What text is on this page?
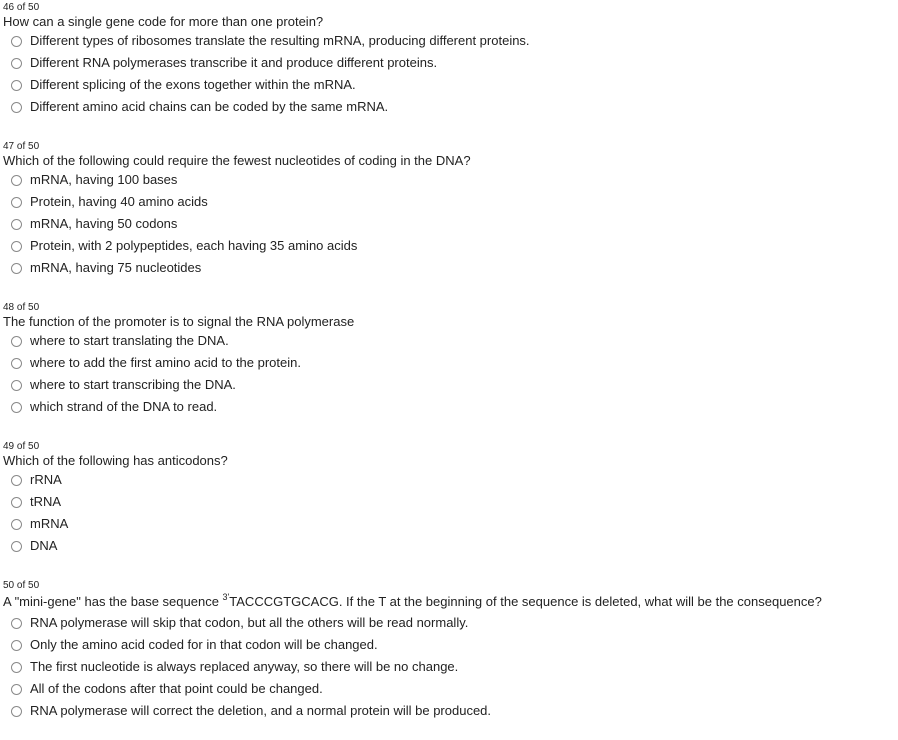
46 of 50
How can a single gene code for more than one protein?
Different types of ribosomes translate the resulting mRNA, producing different proteins.
Different RNA polymerases transcribe it and produce different proteins.
Different splicing of the exons together within the mRNA.
Different amino acid chains can be coded by the same mRNA.
47 of 50
Which of the following could require the fewest nucleotides of coding in the DNA?
mRNA, having 100 bases
Protein, having 40 amino acids
mRNA, having 50 codons
Protein, with 2 polypeptides, each having 35 amino acids
mRNA, having 75 nucleotides
48 of 50
The function of the promoter is to signal the RNA polymerase
where to start translating the DNA.
where to add the first amino acid to the protein.
where to start transcribing the DNA.
which strand of the DNA to read.
49 of 50
Which of the following has anticodons?
rRNA
tRNA
mRNA
DNA
50 of 50
A "mini-gene" has the base sequence $^{3'}$TACCCGTGCACG. If the T at the beginning of the sequence is deleted, what will be the consequence?
RNA polymerase will skip that codon, but all the others will be read normally.
Only the amino acid coded for in that codon will be changed.
The first nucleotide is always replaced anyway, so there will be no change.
All of the codons after that point could be changed.
RNA polymerase will correct the deletion, and a normal protein will be produced.
